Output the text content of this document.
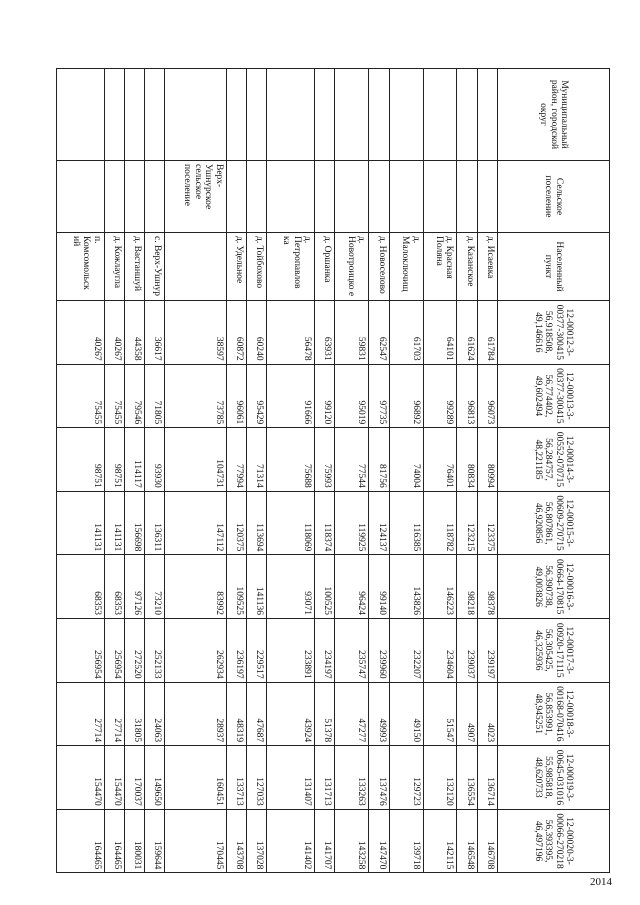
2014
Муниципальный район, городской округ	Сельское поселение	Населенный пункт	12-00012-3-00377-300415 56,918508, 49,146616	12-00013-3-00377-300415 56,774402, 49,602494	12-00014-3-00552-070715 56,284757, 48,221185	12-00015-3-00609-270715 56,807861, 46,920856	12-00016-3-00664-170815 56,390738, 49,003826	12-00017-3-00920-171115 56,305425, 46,325936	12-00018-3-00168-070416 56,853991, 48,945251	12-00019-3-00645-031016 55,985818, 48,620733	12-00020-3-00066-270218 56,393395, 46,497196
		д. Исаевка	61784	96073	80994	123375	98378	239197	4023	136714	146708
		д. Казанское	61624	96813	80834	123215	98218	239037	4907	136554	146548
		д. Красная Поляна	64101	99289	76401	118782	146223	234604	51547	132120	142115
		д. Малоключищ	61703	96892	74004	116385	143826	232207	49150	129723	139718
		д. Новоселово	62547	97735	81756	124137	99140	239960	49993	137476	147470
		д. Новотроицко е	59831	95019	77544	119925	96424	235747	47277	133263	143258
		д. Оршанка	63931	99120	75993	118374	100525	234197	51378	131713	141707
		д. Петропавлов ка	56478	91666	75688	118069	93071	233891	43924	131407	141402
		д. Тойбохово	60240	95429	71314	113694	141136	229517	47687	127033	137028
		д. Удельное	60872	96061	77994	120375	109525	236197	48319	133713	143708
	Верх-Ушнурское сельское поселение		38597	73785	104731	147112	83992	262934	28937	160451	170445
		с. Верх-Ушнур	36617	71805	93930	136311	73210	252133	24063	149650	159644
		д. Вастаншуй	44358	79546	114117	156698	97126	272520	31805	170037	180031
		д. Кожлаугла	40267	75455	98751	141131	68353	256954	27714	154470	164465
		п. Комсомольск ий	40267	75455	98751	141131	68353	256954	27714	154470	164465
